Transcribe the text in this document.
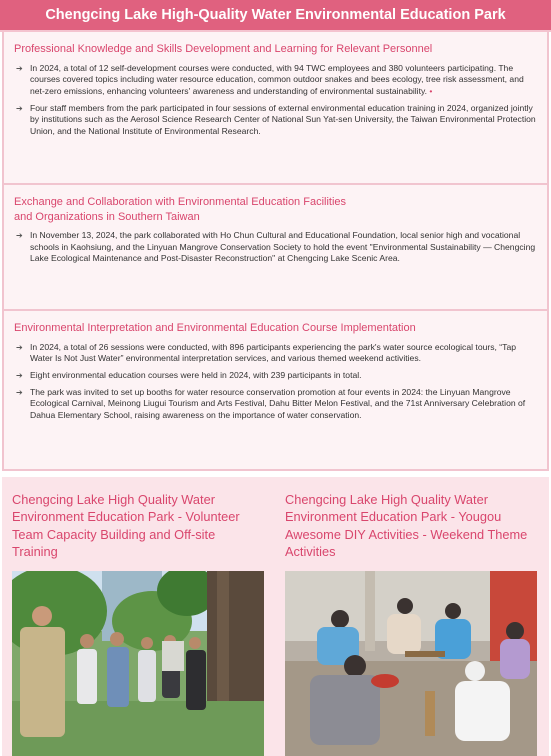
Chengcing Lake High-Quality Water Environmental Education Park
Professional Knowledge and Skills Development and Learning for Relevant Personnel
➔ In 2024, a total of 12 self-development courses were conducted, with 94 TWC employees and 380 volunteers participating. The courses covered topics including water resource education, common outdoor snakes and bees ecology, tree risk assessment, and net-zero emissions, enhancing volunteers' awareness and understanding of environmental sustainability. •
➔ Four staff members from the park participated in four sessions of external environmental education training in 2024, organized jointly by institutions such as the Aerosol Science Research Center of National Sun Yat-sen University, the Taiwan Environmental Protection Union, and the National Institute of Environmental Research.
Exchange and Collaboration with Environmental Education Facilities and Organizations in Southern Taiwan
➔ In November 13, 2024, the park collaborated with Ho Chun Cultural and Educational Foundation, local senior high and vocational schools in Kaohsiung, and the Linyuan Mangrove Conservation Society to hold the event "Environmental Sustainability — Chengcing Lake Ecological Maintenance and Post-Disaster Reconstruction" at Chengcing Lake Scenic Area.
Environmental Interpretation and Environmental Education Course Implementation
➔ In 2024, a total of 26 sessions were conducted, with 896 participants experiencing the park's water source ecological tours, “Tap Water Is Not Just Water” environmental interpretation services, and various themed weekend activities.
➔ Eight environmental education courses were held in 2024, with 239 participants in total.
➔ The park was invited to set up booths for water resource conservation promotion at four events in 2024: the Linyuan Mangrove Ecological Carnival, Meinong Liugui Tourism and Arts Festival, Dahu Bitter Melon Festival, and the 71st Anniversary Celebration of Dahua Elementary School, raising awareness on the importance of water conservation.
Chengcing Lake High Quality Water Environment Education Park - Volunteer Team Capacity Building and Off-site Training
Chengcing Lake High Quality Water Environment Education Park - Yougou Awesome DIY Activities - Weekend Theme Activities
